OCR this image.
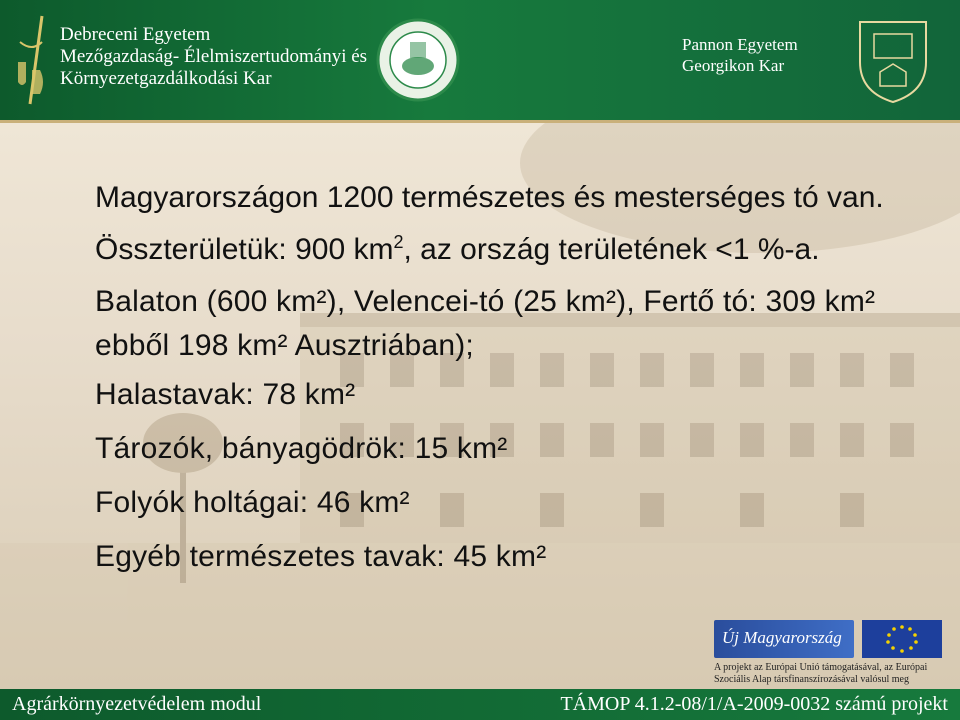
Debreceni Egyetem
Mezőgazdaság- Élelmiszertudományi és
Környezetgazdálkodási Kar
Pannon Egyetem
Georgikon Kar

Magyarországon 1200 természetes és mesterséges tó van. Összterületük: 900 $km^2$, az ország területének <1 %-a.

Balaton (600 km²), Velencei-tó (25 km²), Fertő tó: 309 km² ebből 198 km² Ausztriában);

Halastavak: 78 km²

Tározók, bányagödrök: 15 km²

Folyók holtágai: 46 km²

Egyéb természetes tavak: 45 km²

Új Magyarország
A projekt az Európai Unió támogatásával, az Európai Szociális Alap társfinanszírozásával valósul meg
Agrárkörnyezetvédelem modul	TÁMOP 4.1.2-08/1/A-2009-0032 számú projekt
